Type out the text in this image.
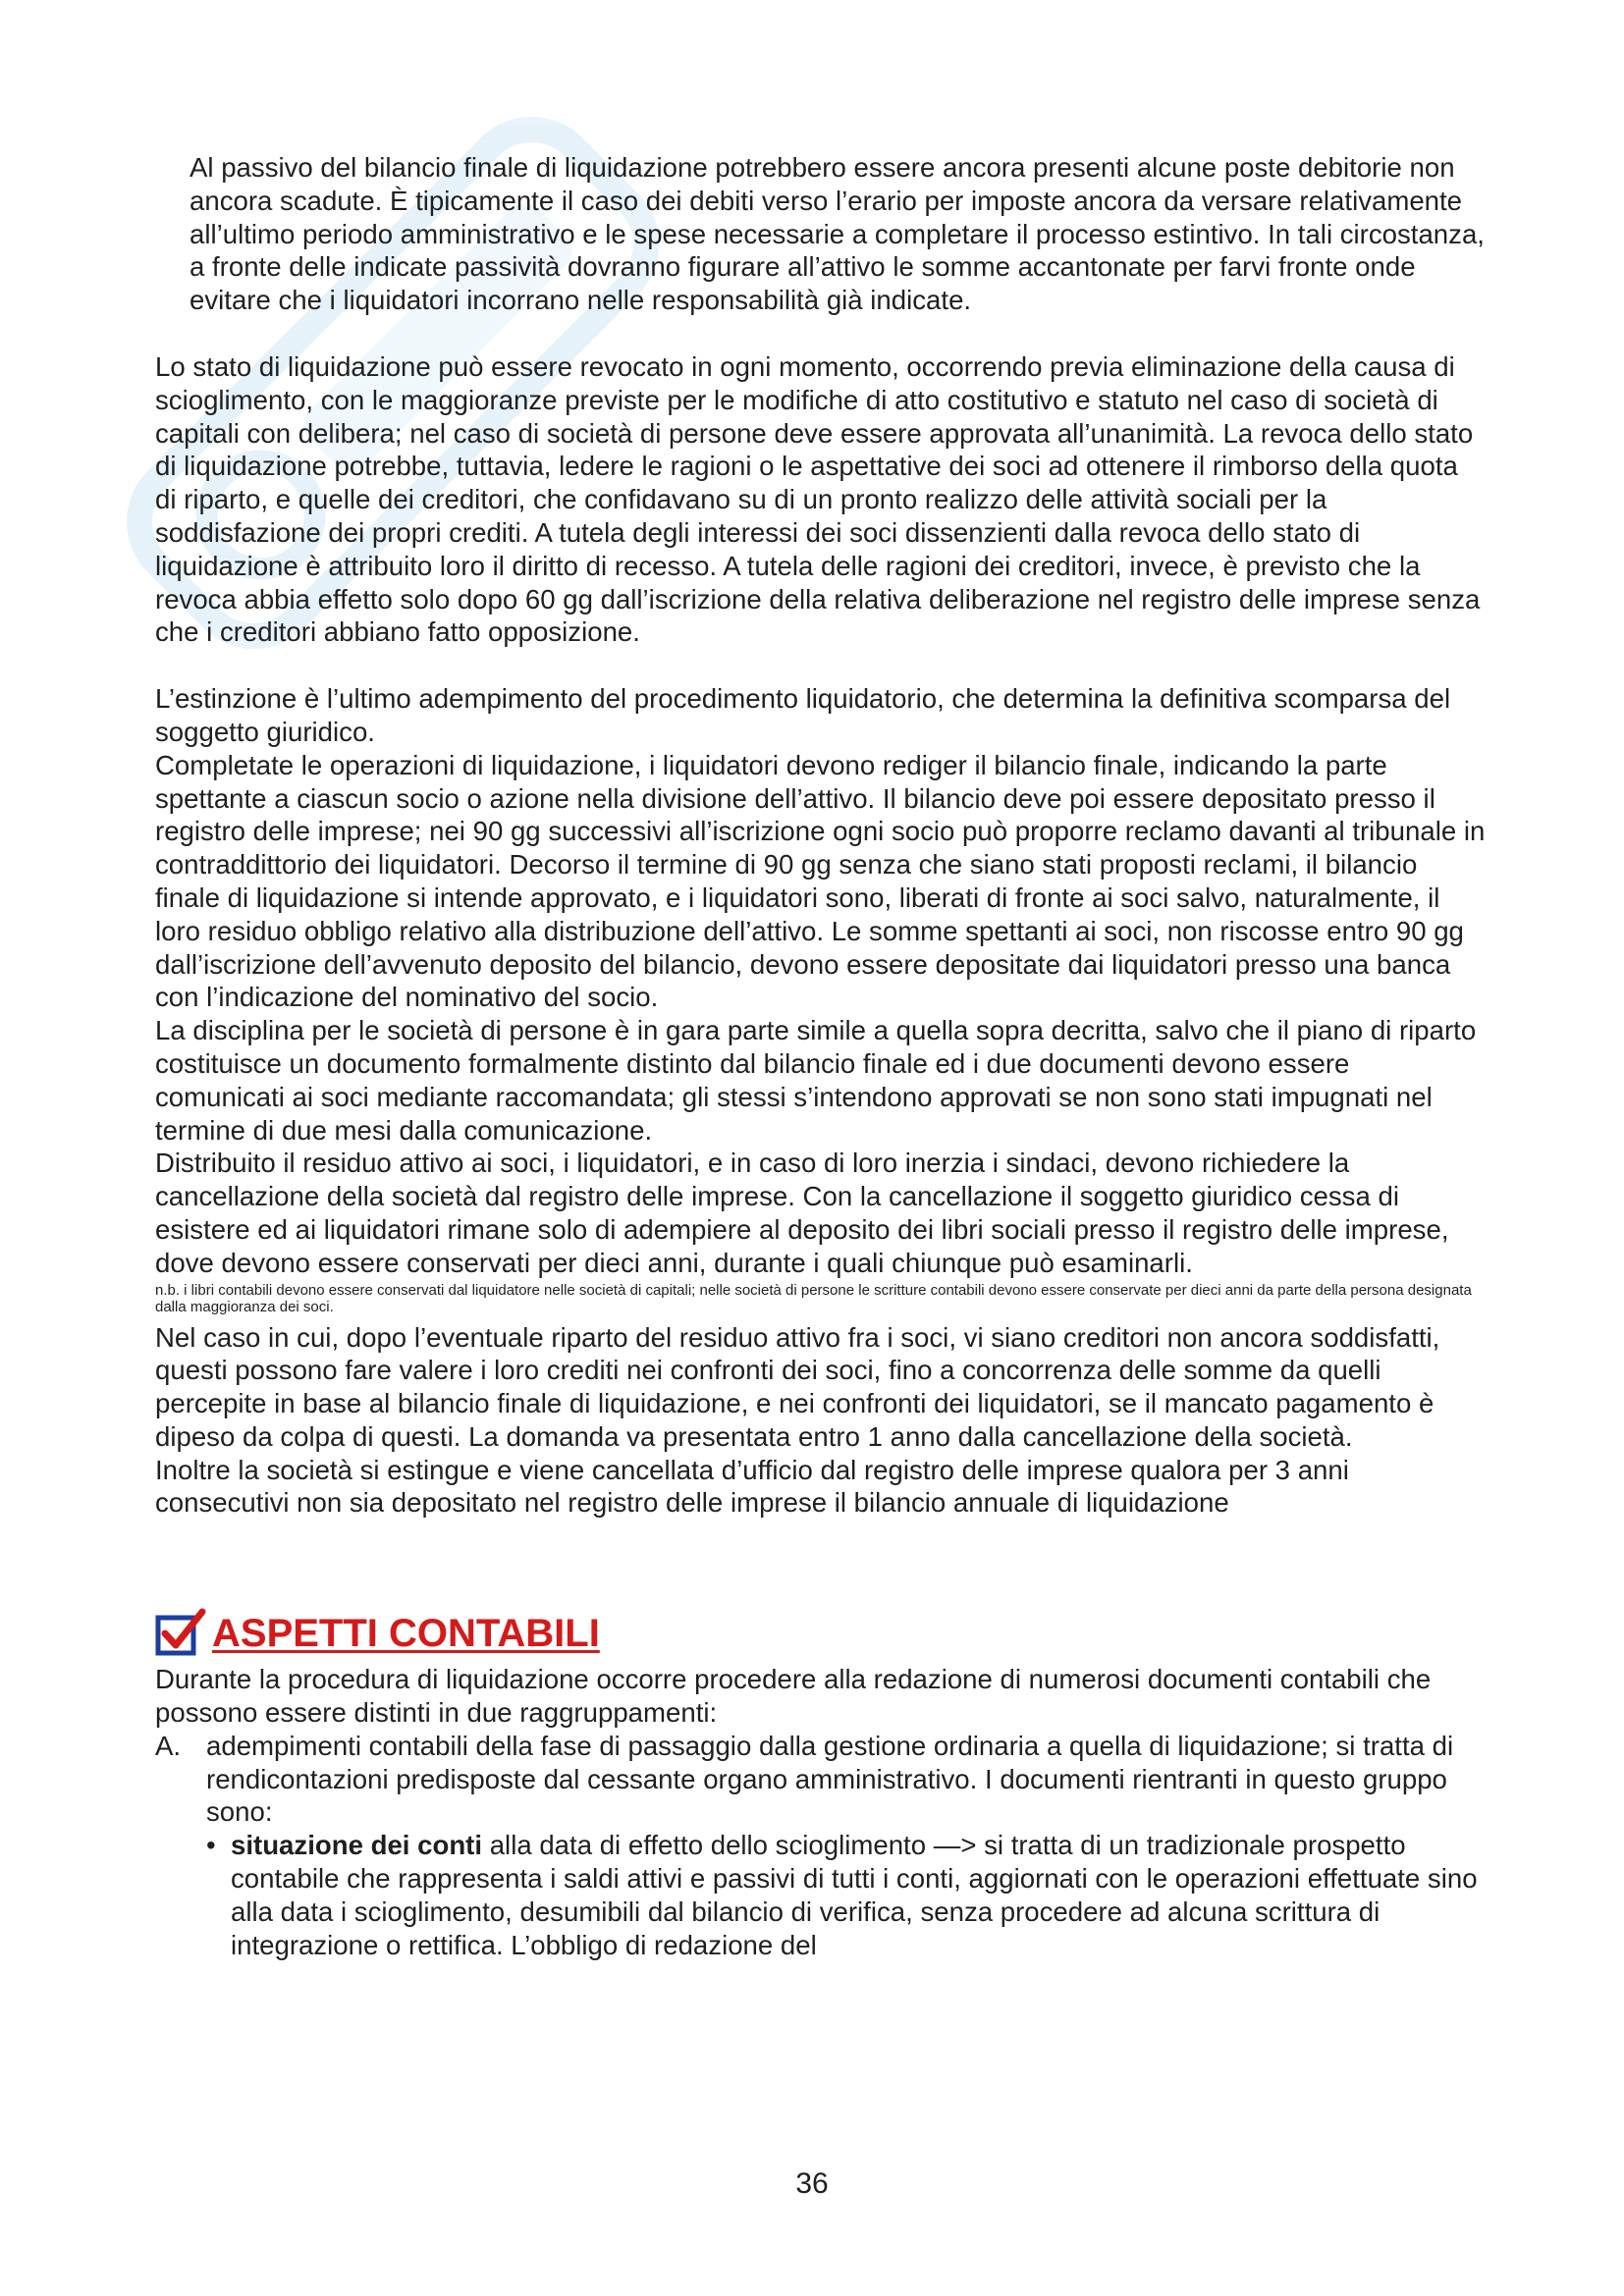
Al passivo del bilancio finale di liquidazione potrebbero essere ancora presenti alcune poste debitorie non ancora scadute. È tipicamente il caso dei debiti verso l’erario per imposte ancora da versare relativamente all’ultimo periodo amministrativo e le spese necessarie a completare il processo estintivo. In tali circostanza, a fronte delle indicate passività dovranno figurare all’attivo le somme accantonate per farvi fronte onde evitare che i liquidatori incorrano nelle responsabilità già indicate.

Lo stato di liquidazione può essere revocato in ogni momento, occorrendo previa eliminazione della causa di scioglimento, con le maggioranze previste per le modifiche di atto costitutivo e statuto nel caso di società di capitali con delibera; nel caso di società di persone deve essere approvata all’unanimità. La revoca dello stato di liquidazione potrebbe, tuttavia, ledere le ragioni o le aspettative dei soci ad ottenere il rimborso della quota di riparto, e quelle dei creditori, che confidavano su di un pronto realizzo delle attività sociali per la soddisfazione dei propri crediti. A tutela degli interessi dei soci dissenzienti dalla revoca dello stato di liquidazione è attribuito loro il diritto di recesso. A tutela delle ragioni dei creditori, invece, è previsto che la revoca abbia effetto solo dopo 60 gg dall’iscrizione della relativa deliberazione nel registro delle imprese senza che i creditori abbiano fatto opposizione.

L’estinzione è l’ultimo adempimento del procedimento liquidatorio, che determina la definitiva scomparsa del soggetto giuridico.

Completate le operazioni di liquidazione, i liquidatori devono rediger il bilancio finale, indicando la parte spettante a ciascun socio o azione nella divisione dell’attivo. Il bilancio deve poi essere depositato presso il registro delle imprese; nei 90 gg successivi all’iscrizione ogni socio può proporre reclamo davanti al tribunale in contraddittorio dei liquidatori. Decorso il termine di 90 gg senza che siano stati proposti reclami, il bilancio finale di liquidazione si intende approvato, e i liquidatori sono, liberati di fronte ai soci salvo, naturalmente, il loro residuo obbligo relativo alla distribuzione dell’attivo. Le somme spettanti ai soci, non riscosse entro 90 gg dall’iscrizione dell’avvenuto deposito del bilancio, devono essere depositate dai liquidatori presso una banca con l’indicazione del nominativo del socio.

La disciplina per le società di persone è in gara parte simile a quella sopra decritta, salvo che il piano di riparto costituisce un documento formalmente distinto dal bilancio finale ed i due documenti devono essere comunicati ai soci mediante raccomandata; gli stessi s’intendono approvati se non sono stati impugnati nel termine di due mesi dalla comunicazione.

Distribuito il residuo attivo ai soci, i liquidatori, e in caso di loro inerzia i sindaci, devono richiedere la cancellazione della società dal registro delle imprese. Con la cancellazione il soggetto giuridico cessa di esistere ed ai liquidatori rimane solo di adempiere al deposito dei libri sociali presso il registro delle imprese, dove devono essere conservati per dieci anni, durante i quali chiunque può esaminarli.

n.b. i libri contabili devono essere conservati dal liquidatore nelle società di capitali; nelle società di persone le scritture contabili devono essere conservate per dieci anni da parte della persona designata dalla maggioranza dei soci.

Nel caso in cui, dopo l’eventuale riparto del residuo attivo fra i soci, vi siano creditori non ancora soddisfatti, questi possono fare valere i loro crediti nei confronti dei soci, fino a concorrenza delle somme da quelli percepite in base al bilancio finale di liquidazione, e nei confronti dei liquidatori, se il mancato pagamento è dipeso da colpa di questi. La domanda va presentata entro 1 anno dalla cancellazione della società.

Inoltre la società si estingue e viene cancellata d’ufficio dal registro delle imprese qualora per 3 anni consecutivi non sia depositato nel registro delle imprese il bilancio annuale di liquidazione

ASPETTI CONTABILI

Durante la procedura di liquidazione occorre procedere alla redazione di numerosi documenti contabili che possono essere distinti in due raggruppamenti:

A. adempimenti contabili della fase di passaggio dalla gestione ordinaria a quella di liquidazione; si tratta di rendicontazioni predisposte dal cessante organo amministrativo. I documenti rientranti in questo gruppo sono:

• situazione dei conti alla data di effetto dello scioglimento —> si tratta di un tradizionale prospetto contabile che rappresenta i saldi attivi e passivi di tutti i conti, aggiornati con le operazioni effettuate sino alla data i scioglimento, desumibili dal bilancio di verifica, senza procedere ad alcuna scrittura di integrazione o rettifica. L’obbligo di redazione del

36
